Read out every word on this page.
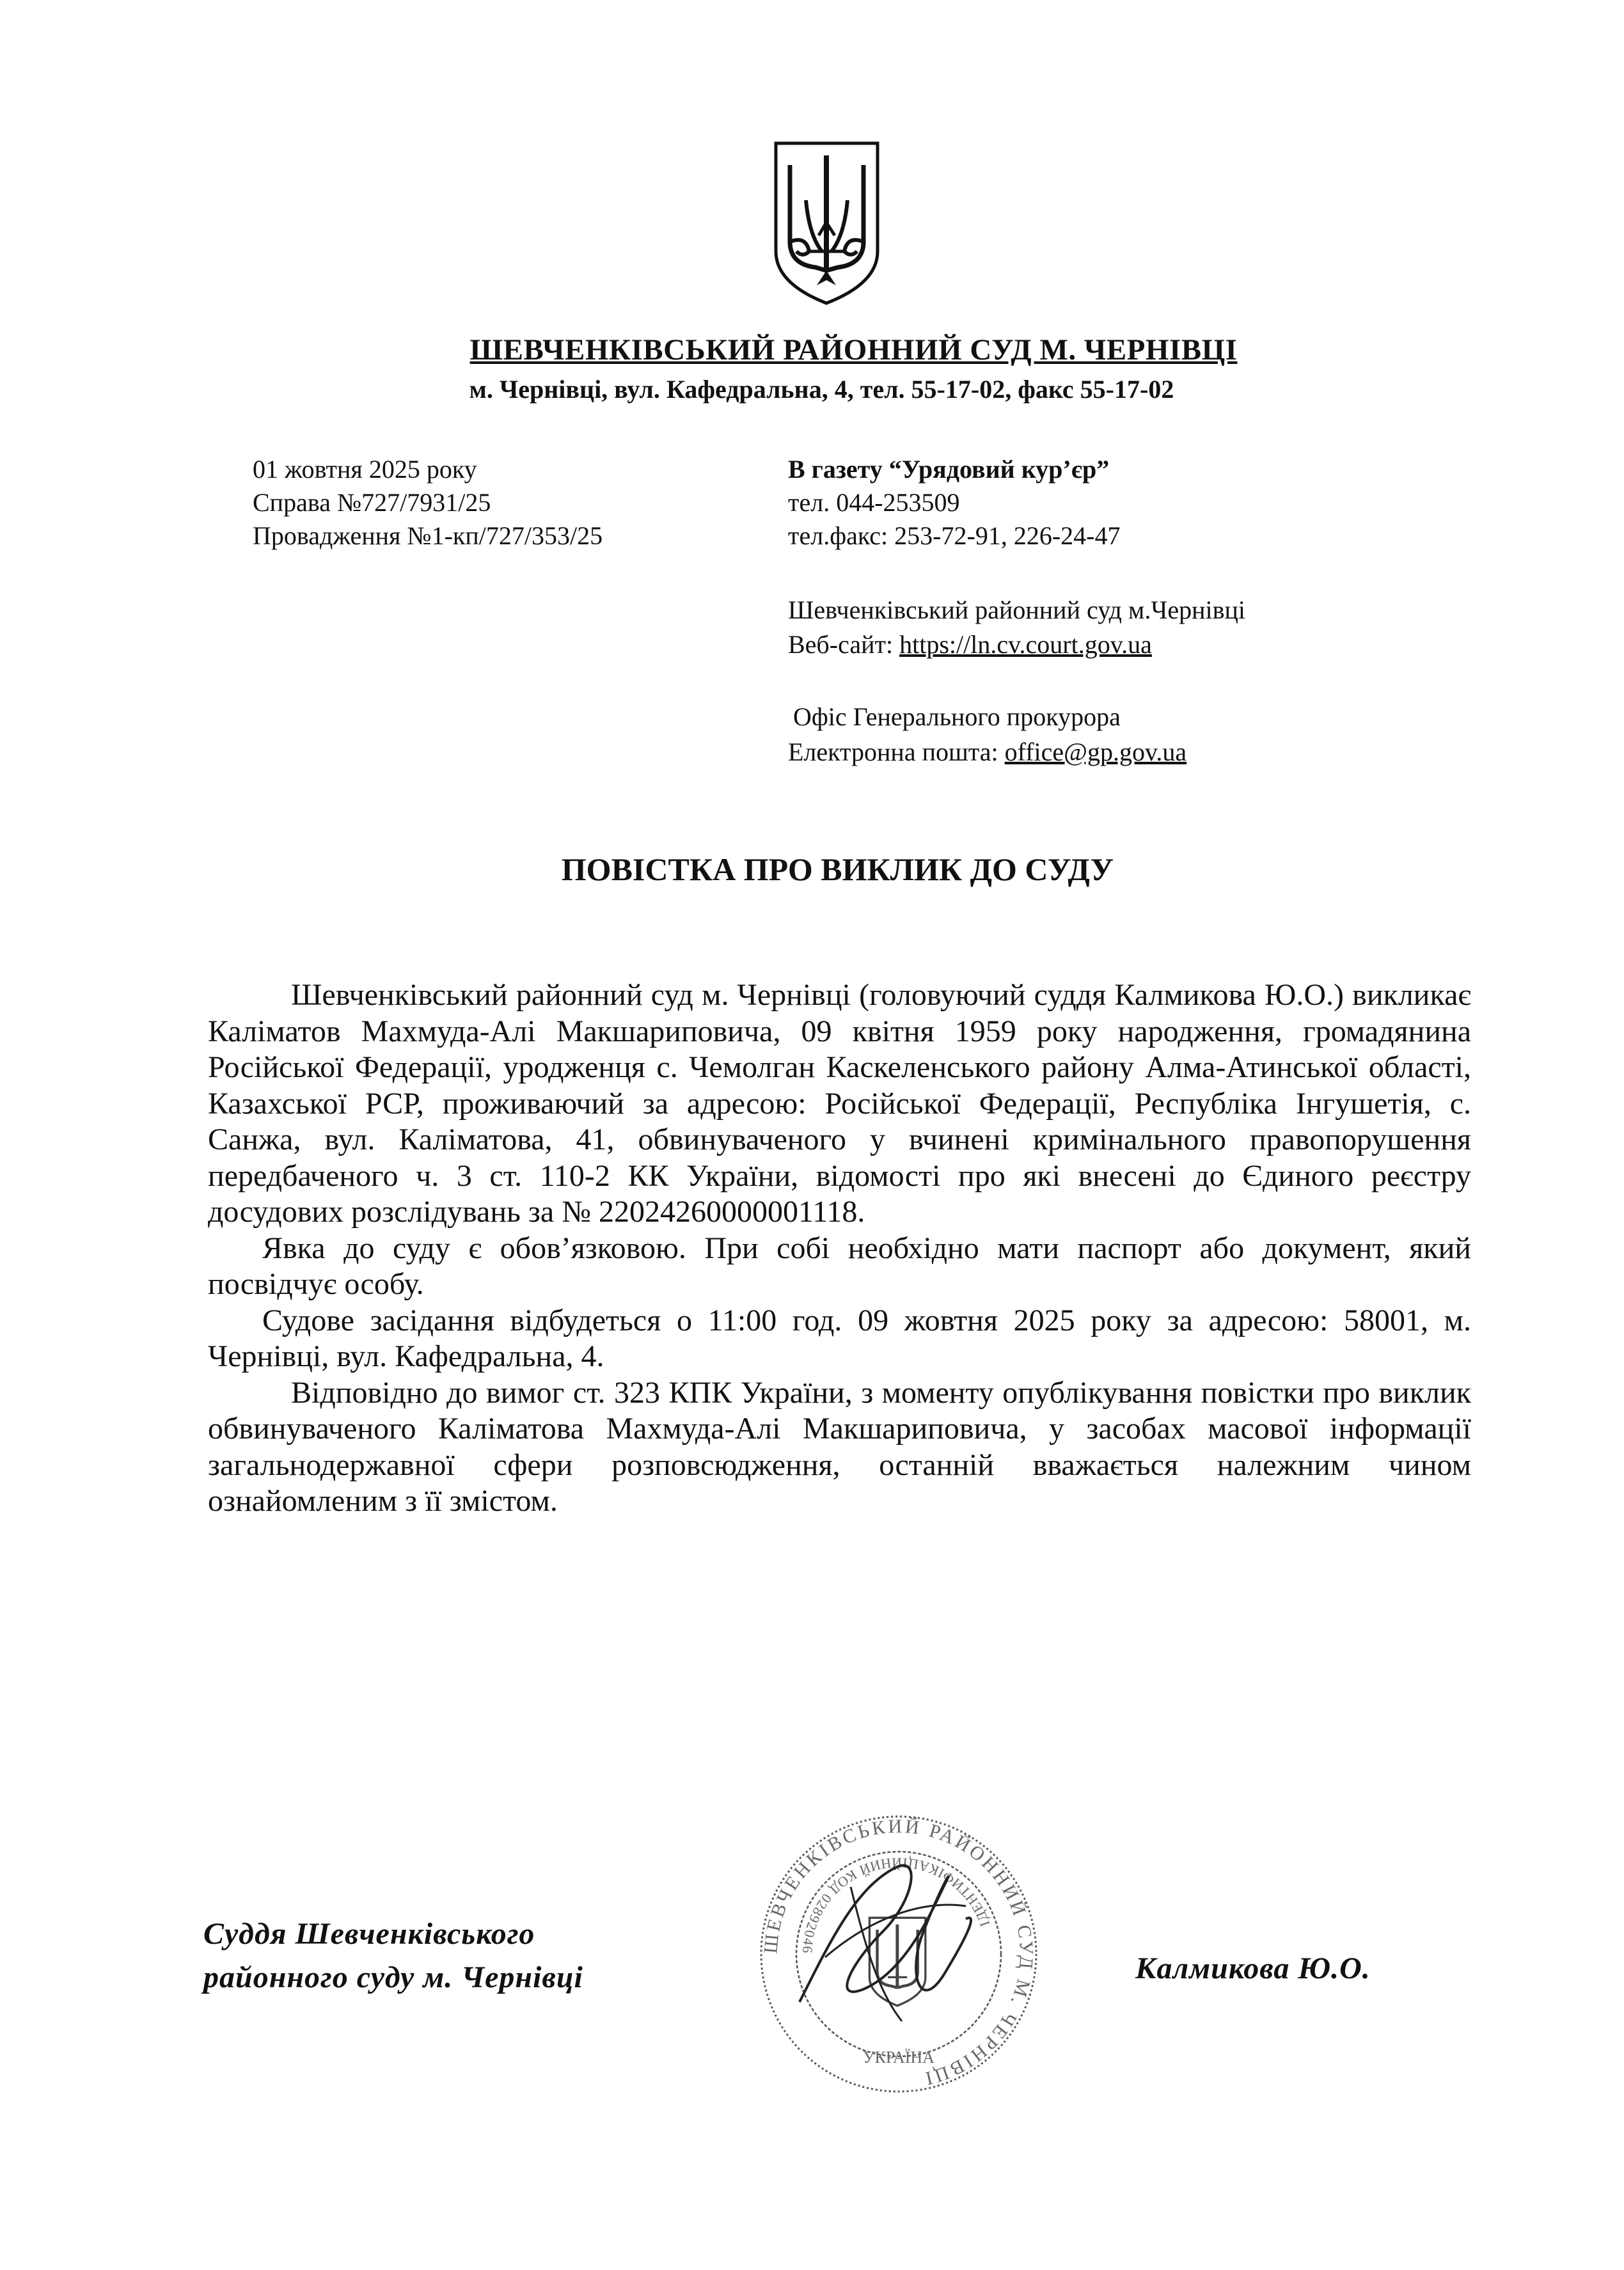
ШЕВЧЕНКІВСЬКИЙ РАЙОННИЙ СУД М. ЧЕРНІВЦІ
м. Чернівці, вул. Кафедральна, 4, тел. 55-17-02, факс 55-17-02
01 жовтня 2025 року
Справа №727/7931/25
Провадження №1-кп/727/353/25
В газету “Урядовий кур’єр”
тел. 044-253509
тел.факс: 253-72-91, 226-24-47
Шевченківський районний суд м.Чернівці
Веб-сайт: https://ln.cv.court.gov.ua
Офіс Генерального прокурора
Електронна пошта: office@gp.gov.ua
ПОВІСТКА ПРО ВИКЛИК ДО СУДУ

Шевченківський районний суд м. Чернівці (головуючий суддя Калмикова Ю.О.) викликає Каліматов Махмуда-Алі Макшариповича, 09 квітня 1959 року народження, громадянина Російської Федерації, уродженця с. Чемолган Каскеленського району Алма-Атинської області, Казахської РСР, проживаючий за адресою: Російської Федерації, Республіка Інгушетія, с. Санжа, вул. Каліматова, 41, обвинуваченого у вчинені кримінального правопорушення передбаченого ч. 3 ст. 110-2 КК України, відомості про які внесені до Єдиного реєстру досудових розслідувань за № 22024260000001118.

Явка до суду є обов’язковою. При собі необхідно мати паспорт або документ, який посвідчує особу.

Судове засідання відбудеться о 11:00 год. 09 жовтня 2025 року за адресою: 58001, м. Чернівці, вул. Кафедральна, 4.

Відповідно до вимог ст. 323 КПК України, з моменту опублікування повістки про виклик обвинуваченого Каліматова Махмуда-Алі Макшариповича, у засобах масової інформації загальнодержавної сфери розповсюдження, останній вважається належним чином ознайомленим з її змістом.

Суддя Шевченківського
районного суду м. Чернівці
ШЕВЧЕНКІВСЬКИЙ РАЙОННИЙ СУД М. ЧЕРНІВЦІ
ІДЕНТИФІКАЦІЙНИЙ КОД 02892046
УКРАЇНА
Калмикова Ю.О.
